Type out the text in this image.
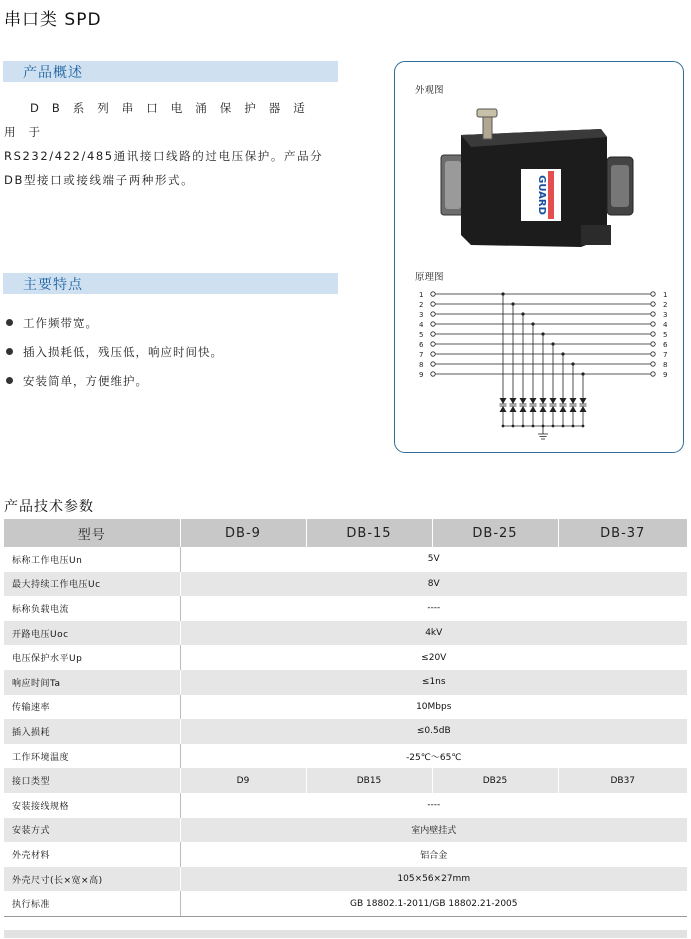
串口类 SPD
产品概述
DB系列串口电涌保护器适用于
RS232/422/485通讯接口线路的过电压保护。产品分DB型接口或接线端子两种形式。
主要特点
工作频带宽。
插入损耗低，残压低，响应时间快。
安装简单，方便维护。
外观图
GUARD
原理图
1	1
2	2
3	3
4	4
5	5
6	6
7	7
8	8
9	9
产品技术参数
型号	DB-9	DB-15	DB-25	DB-37
标称工作电压Un	5V			
最大持续工作电压Uc	8V			
标称负载电流	----			
开路电压Uoc	4kV			
电压保护水平Up	≤20V			
响应时间Ta	≤1ns			
传输速率	10Mbps			
插入损耗	≤0.5dB			
工作环境温度	-25℃～65℃			
接口类型	D9	DB15	DB25	DB37
安装接线规格	----			
安装方式	室内壁挂式			
外壳材料	铝合金			
外壳尺寸(长×宽×高)	105×56×27mm			
执行标准	GB 18802.1-2011/GB 18802.21-2005			
